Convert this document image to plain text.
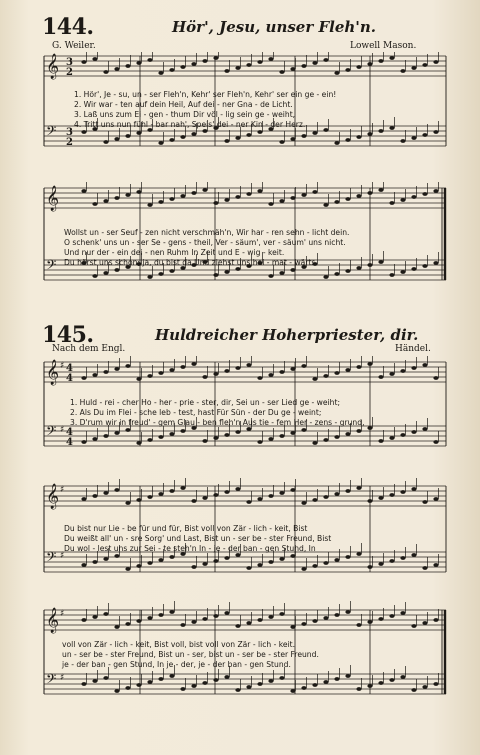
144.	Hör', Jesu, unser Fleh'n.
G. Weiler.	Lowell Mason.
𝄞 3
2
𝄢 3
2
1. Hör', Je - su, un - ser Fleh'n, Kehr' ser Fleh'n, Kehr' ser ein ge - ein!
2. Wir war - ten auf dein Heil, Auf dei - ner Gna - de Licht.
3. Laß uns zum Ei - gen - thum Dir völ - lig sein ge - weiht,
4. Tritt uns nun fühl - bar nah', Speis' dei - ner Kin - der Herz.
𝄞
𝄢
Wollst un - ser Seuf - zen nicht verschmäh'n, Wir har - ren sehn - licht dein.
O schenk' uns un - ser Se - gens - theil, Ver - säum', ver - säum' uns nicht.
Und nur der - ein dei - nen Ruhm In Zeit und E - wig - keit.
Du hörst uns schon; ja, du bist da Und ziehst uns hei - mat - wärts.
145.	Huldreicher Hoherpriester, dir.
Nach dem Engl.	Händel.
𝄞 ♯ 4
4
𝄢 ♯ 4
4
1. Huld - rei - cher Ho - her - prie - ster, dir, Sei un - ser Lied ge - weiht;
2. Als Du im Flei - sche leb - test, hast Für Sün - der Du ge - weint;
3. D'rum wir in freud' - gem Glau - ben fleh'n Aus tie - fem Her - zens - grund,
𝄞 ♯
𝄢 ♯
Du bist nur Lie - be für und für, Bist voll von Zär - lich - keit, Bist
Du weißt all' un - sre Sorg' und Last, Bist un - ser be - ster Freund, Bist
Du wol - lest uns zur Sei - te steh'n In - je - der ban - gen Stund, In
𝄞 ♯
𝄢 ♯
voll von Zär - lich - keit, Bist voll, bist voll von Zär - lich - keit.
un - ser be - ster Freund, Bist un - ser, bist un - ser be - ster Freund.
je - der ban - gen Stund, In je - der, je - der ban - gen Stund.
